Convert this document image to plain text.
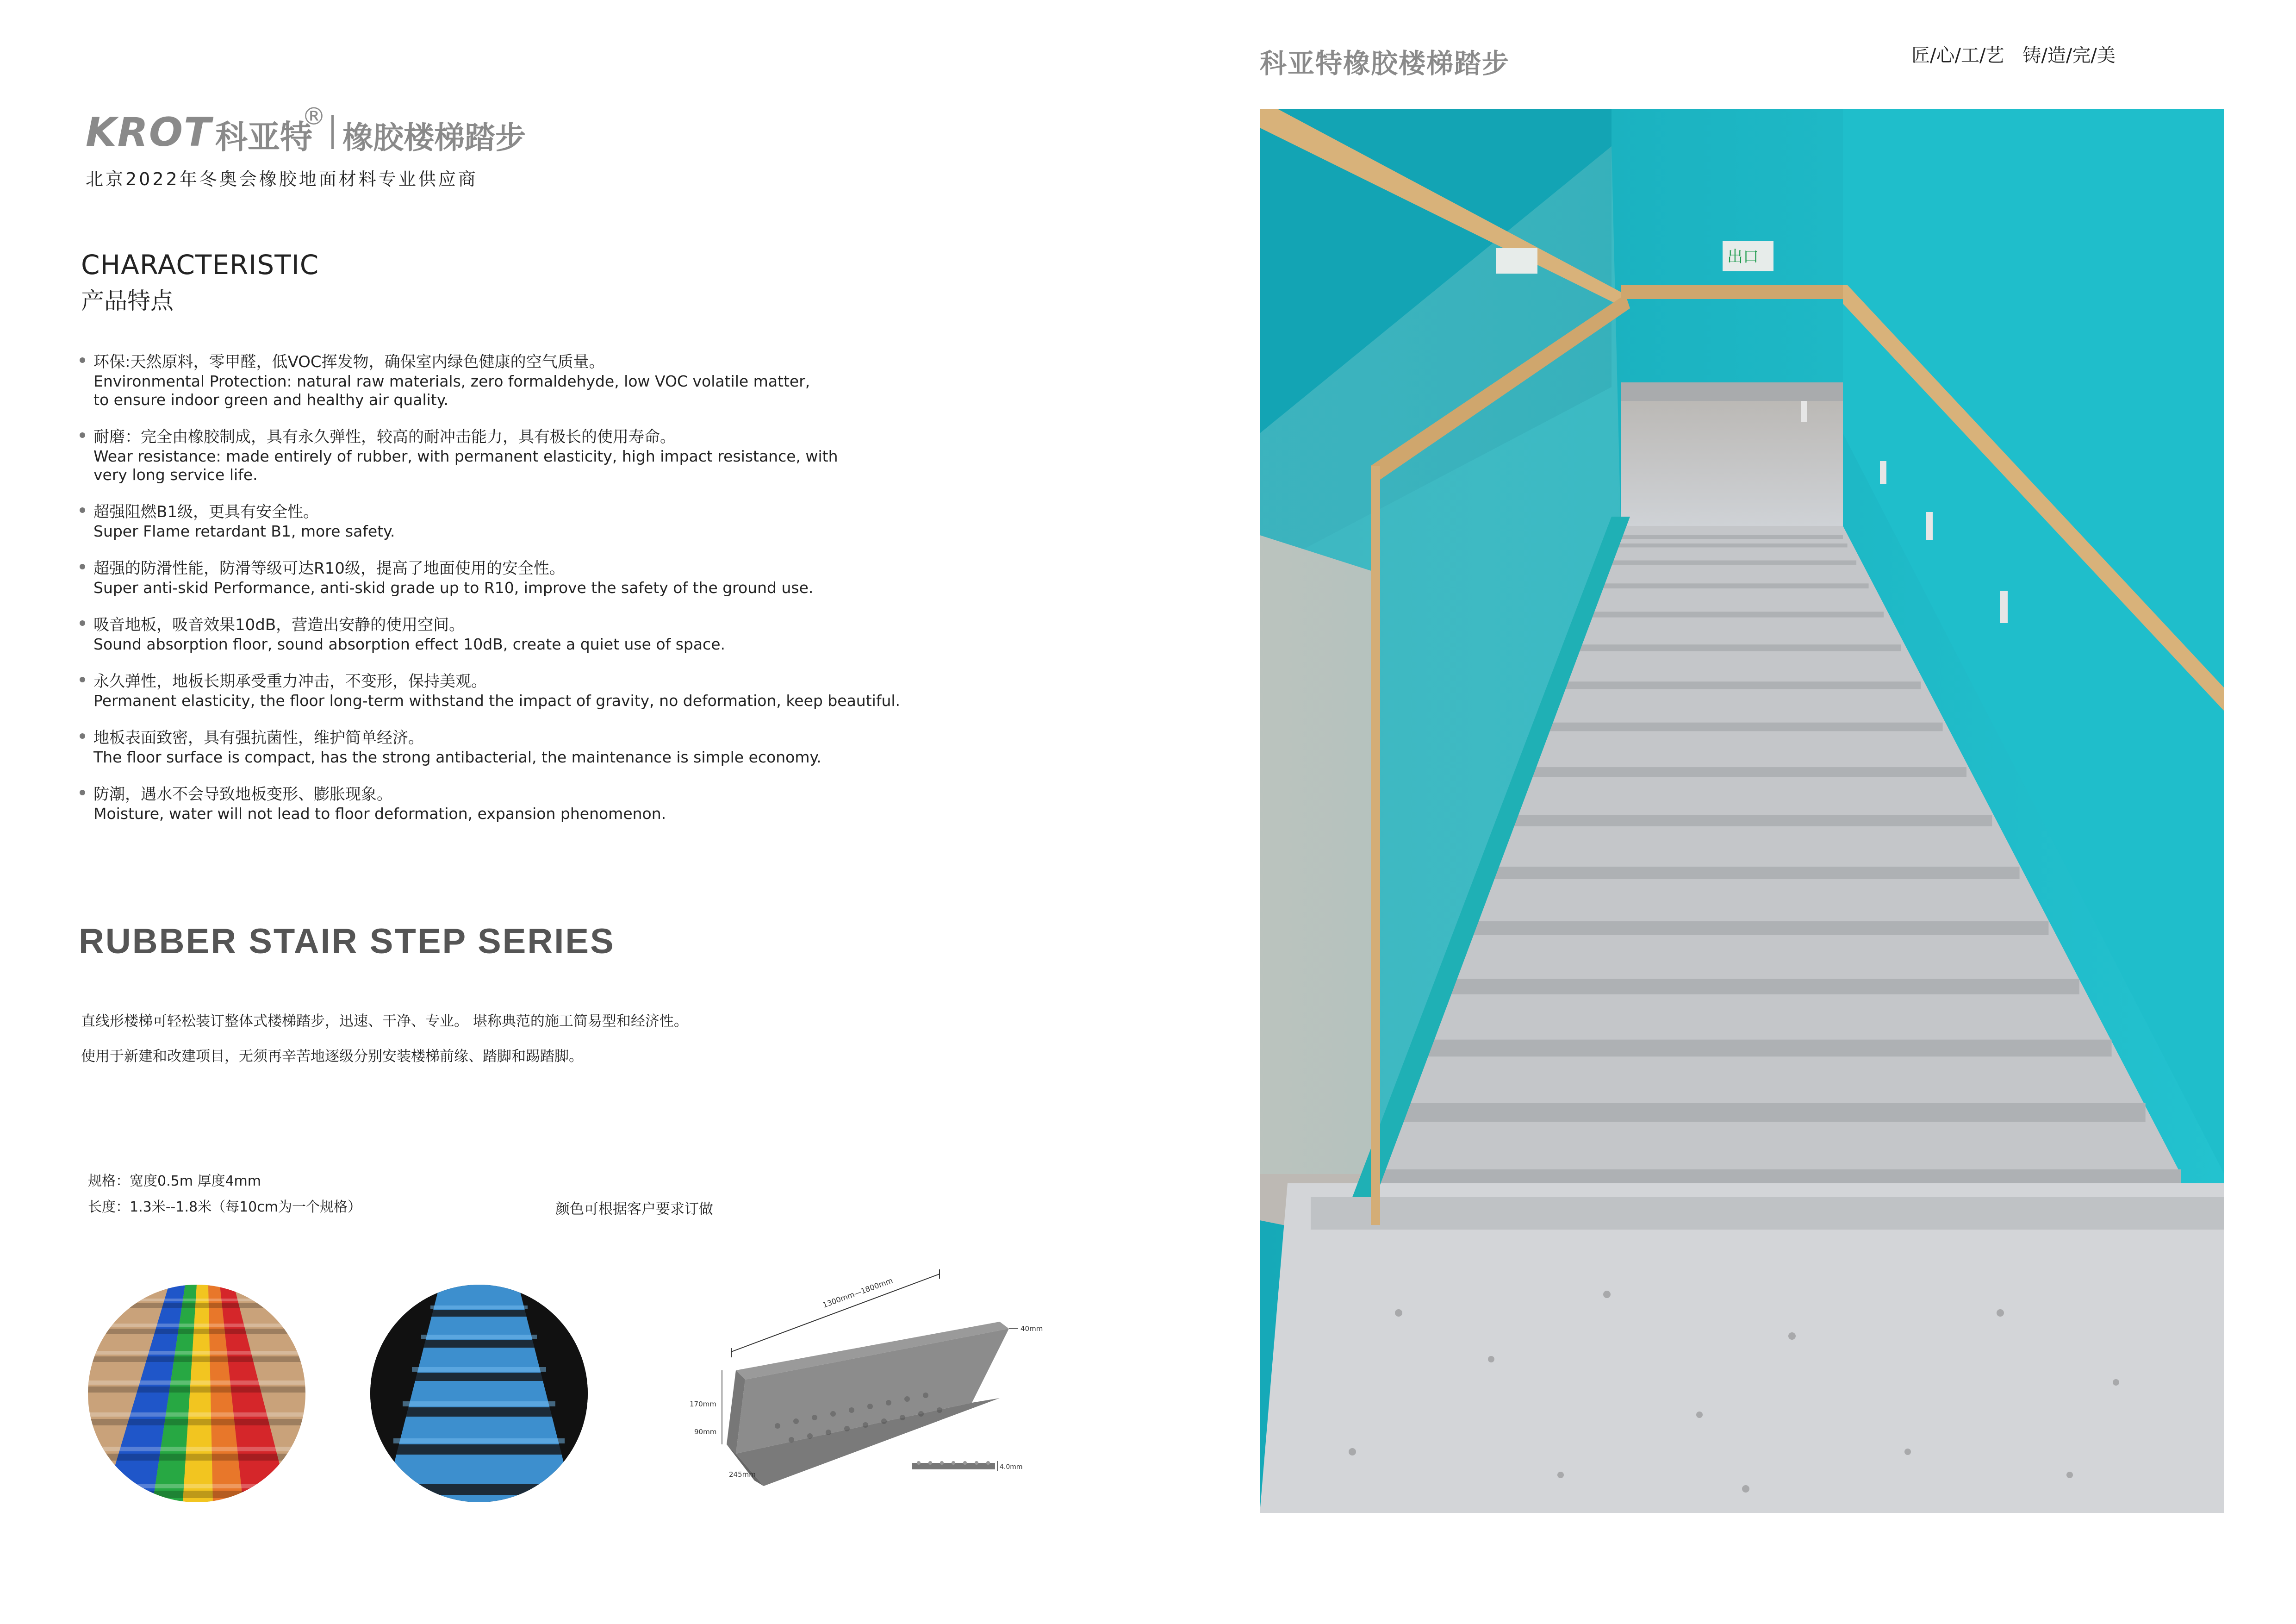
KROT 科亚特
®
橡胶楼梯踏步
北京2022年冬奥会橡胶地面材料专业供应商
CHARACTERISTIC
产品特点
环保:天然原料，零甲醛，低VOC挥发物，确保室内绿色健康的空气质量。
Environmental Protection: natural raw materials, zero formaldehyde, low VOC volatile matter,
to ensure indoor green and healthy air quality.
耐磨：完全由橡胶制成，具有永久弹性，较高的耐冲击能力，具有极长的使用寿命。
Wear resistance: made entirely of rubber, with permanent elasticity, high impact resistance, with
very long service life.
超强阻燃B1级，更具有安全性。
Super Flame retardant B1, more safety.
超强的防滑性能，防滑等级可达R10级，提高了地面使用的安全性。
Super anti-skid Performance, anti-skid grade up to R10, improve the safety of the ground use.
吸音地板，吸音效果10dB，营造出安静的使用空间。
Sound absorption floor, sound absorption effect 10dB, create a quiet use of space.
永久弹性，地板长期承受重力冲击，不变形，保持美观。
Permanent elasticity, the floor long-term withstand the impact of gravity, no deformation, keep beautiful.
地板表面致密，具有强抗菌性，维护简单经济。
The floor surface is compact, has the strong antibacterial, the maintenance is simple economy.
防潮，遇水不会导致地板变形、膨胀现象。
Moisture, water will not lead to floor deformation, expansion phenomenon.
RUBBER STAIR STEP SERIES
直线形楼梯可轻松装订整体式楼梯踏步，迅速、干净、专业。 堪称典范的施工简易型和经济性。
使用于新建和改建项目，无须再辛苦地逐级分别安装楼梯前缘、踏脚和踢踏脚。
规格：宽度0.5m 厚度4mm
长度：1.3米--1.8米（每10cm为一个规格）	颜色可根据客户要求订做
1300mm—1800mm
40mm
170mm
90mm
245mm
4.0mm
科亚特橡胶楼梯踏步	匠/心/工/艺　铸/造/完/美
出口
